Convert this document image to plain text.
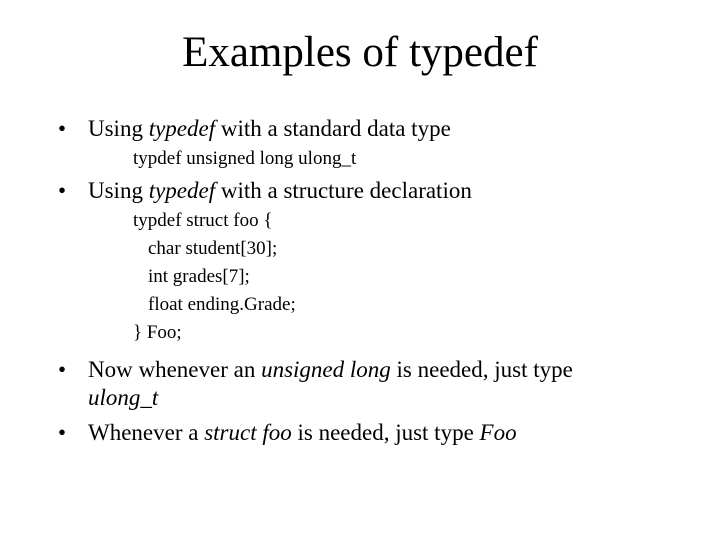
Examples of typedef
• Using typedef with a standard data type
typdef unsigned long ulong_t
• Using typedef with a structure declaration
typdef struct foo {
char student[30];
int grades[7];
float ending.Grade;
} Foo;
• Now whenever an unsigned long is needed, just type
ulong_t
• Whenever a struct foo is needed, just type Foo
